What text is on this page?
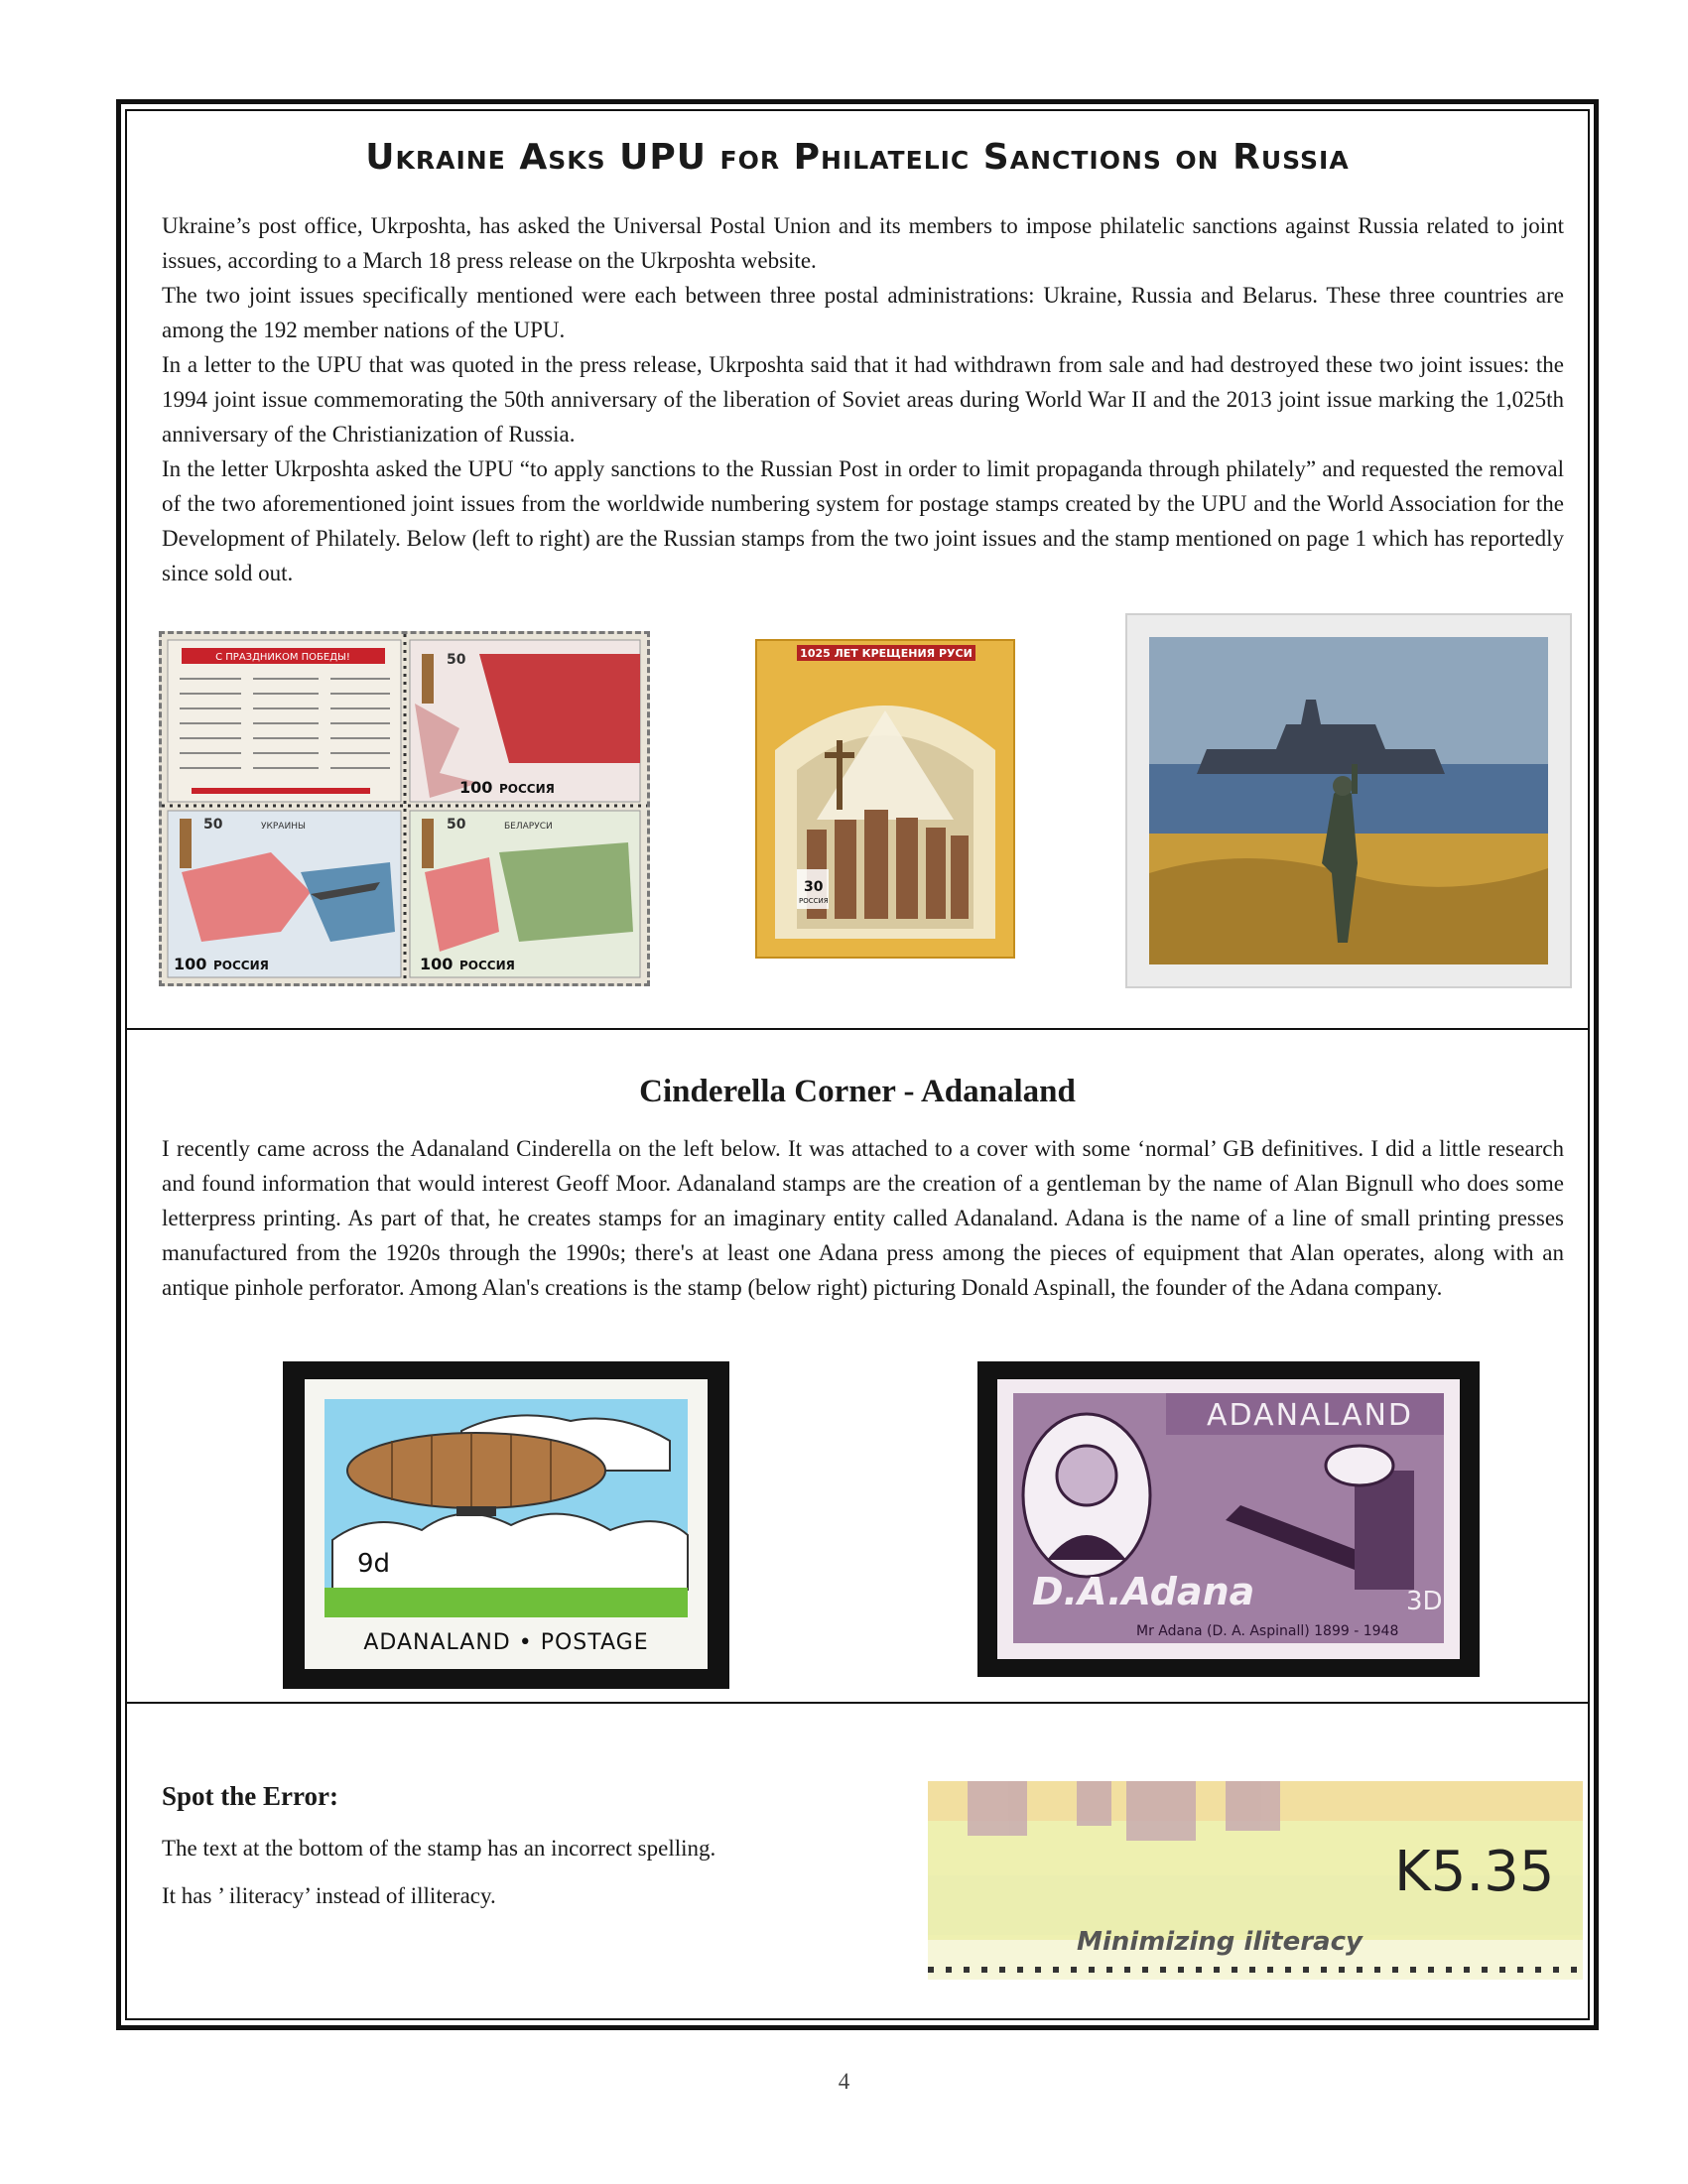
Ukraine Asks UPU for Philatelic Sanctions on Russia

Ukraine’s post office, Ukrposhta, has asked the Universal Postal Union and its members to impose philatelic sanctions against Russia related to joint issues, according to a March 18 press release on the Ukrposhta website.

The two joint issues specifically mentioned were each between three postal administrations: Ukraine, Russia and Belarus. These three countries are among the 192 member nations of the UPU.

In a letter to the UPU that was quoted in the press release, Ukrposhta said that it had withdrawn from sale and had destroyed these two joint issues: the 1994 joint issue commemorating the 50th anniversary of the liberation of Soviet areas during World War II and the 2013 joint issue marking the 1,025th anniversary of the Christianization of Russia.

In the letter Ukrposhta asked the UPU “to apply sanctions to the Russian Post in order to limit propaganda through philately” and requested the removal of the two aforementioned joint issues from the worldwide numbering system for postage stamps created by the UPU and the World Association for the Development of Philately. Below (left to right) are the Russian stamps from the two joint issues and the stamp mentioned on page 1 which has reportedly since sold out.

С ПРАЗДНИКОМ ПОБЕДЫ!	50
100 РОССИЯ
50	УКРАИНЫ
100 РОССИЯ
50	БЕЛАРУСИ
100 РОССИЯ
1025 ЛЕТ КРЕЩЕНИЯ РУСИ
30
РОССИЯ
Cinderella Corner - Adanaland

I recently came across the Adanaland Cinderella on the left below. It was attached to a cover with some ‘normal’ GB definitives. I did a little research and found information that would interest Geoff Moor. Adanaland stamps are the creation of a gentleman by the name of Alan Bignull who does some letterpress printing. As part of that, he creates stamps for an imaginary entity called Adanaland. Adana is the name of a line of small printing presses manufactured from the 1920s through the 1990s; there's at least one Adana press among the pieces of equipment that Alan operates, along with an antique pinhole perforator. Among Alan's creations is the stamp (below right) picturing Donald Aspinall, the founder of the Adana company.

9d
ADANALAND • POSTAGE
ADANALAND
D.A.Adana	3D
Mr Adana (D. A. Aspinall) 1899 - 1948
Spot the Error:

The text at the bottom of the stamp has an incorrect spelling.

It has ’ iliteracy’ instead of illiteracy.	K5.35
Minimizing iliteracy
4
